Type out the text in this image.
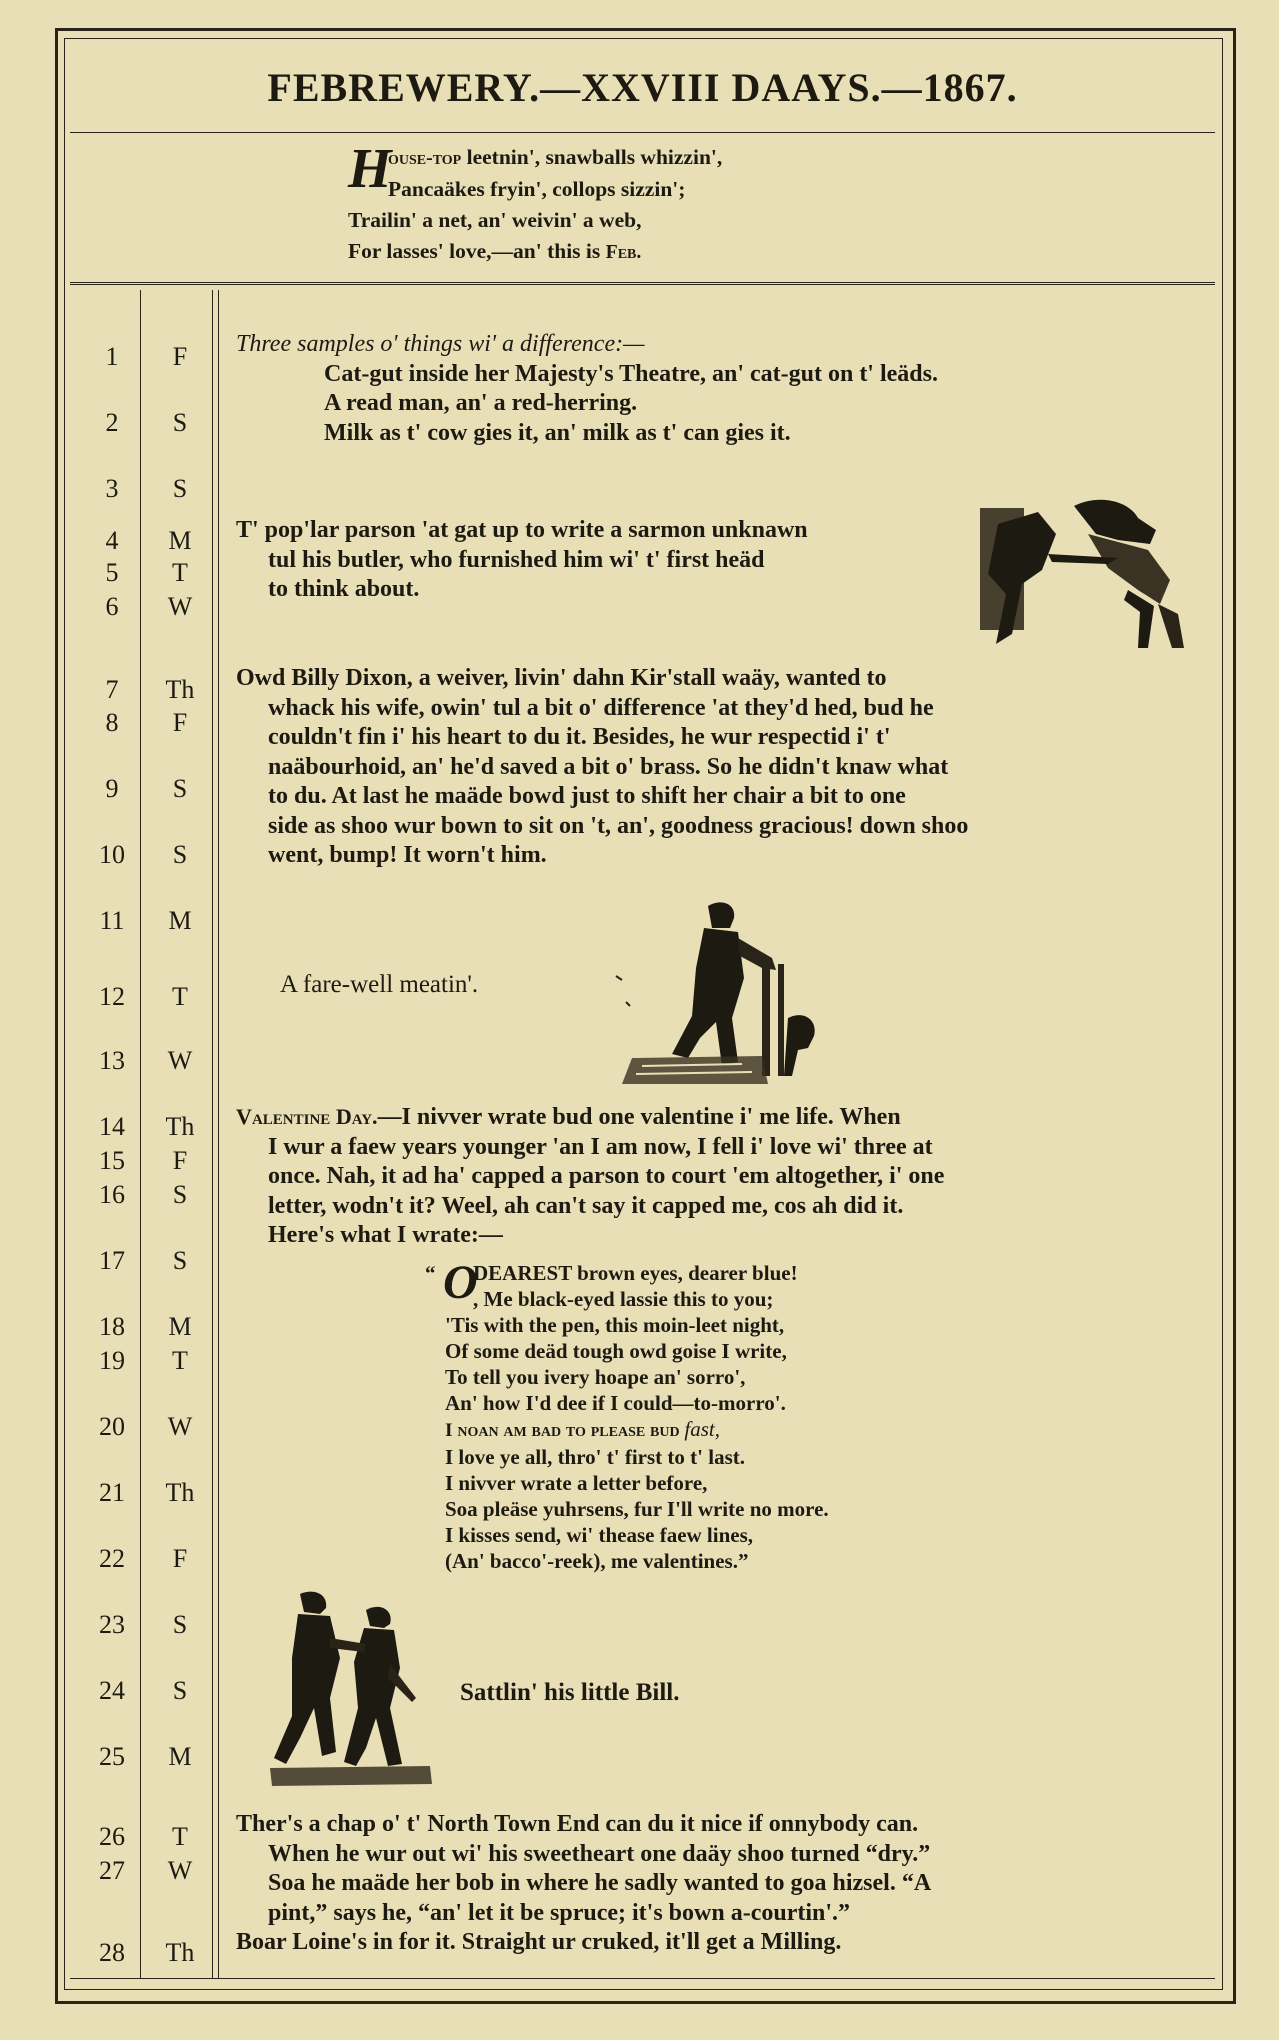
FEBREWERY.—XXVIII DAAYS.—1867.
H
ouse-top leetnin', snawballs whizzin',
Pancaäkes fryin', collops sizzin';
Trailin' a net, an' weivin' a web,
For lasses' love,—an' this is Feb.
1	F
2	S
3	S
4	M
5	T
6	W
7	Th
8	F
9	S
10	S
11	M
12	T
13	W
14	Th
15	F
16	S
17	S
18	M
19	T
20	W
21	Th
22	F
23	S
24	S
25	M
26	T
27	W
28	Th
Three samples o' things wi' a difference:—
Cat-gut inside her Majesty's Theatre, an' cat-gut on t' leäds.
A read man, an' a red-herring.
Milk as t' cow gies it, an' milk as t' can gies it.
T' pop'lar parson 'at gat up to write a sarmon unknawn
tul his butler, who furnished him wi' t' first heäd
to think about.
Owd Billy Dixon, a weiver, livin' dahn Kir'stall waäy, wanted to
whack his wife, owin' tul a bit o' difference 'at they'd hed, bud he
couldn't fin i' his heart to du it. Besides, he wur respectid i' t'
naäbourhoid, an' he'd saved a bit o' brass. So he didn't knaw what
to du. At last he maäde bowd just to shift her chair a bit to one
side as shoo wur bown to sit on 't, an', goodness gracious! down shoo
went, bump! It worn't him.
A fare-well meatin'.
Valentine Day.—I nivver wrate bud one valentine i' me life. When
I wur a faew years younger 'an I am now, I fell i' love wi' three at
once. Nah, it ad ha' capped a parson to court 'em altogether, i' one
letter, wodn't it? Weel, ah can't say it capped me, cos ah did it.
Here's what I wrate:—
“ O
DEAREST brown eyes, dearer blue!
, Me black-eyed lassie this to you;
'Tis with the pen, this moin-leet night,
Of some deäd tough owd goise I write,
To tell you ivery hoape an' sorro',
An' how I'd dee if I could—to-morro'.
I noan am bad to please bud fast,
I love ye all, thro' t' first to t' last.
I nivver wrate a letter before,
Soa pleäse yuhrsens, fur I'll write no more.
I kisses send, wi' thease faew lines,
(An' bacco'-reek), me valentines.”
Sattlin' his little Bill.
Ther's a chap o' t' North Town End can du it nice if onnybody can.
When he wur out wi' his sweetheart one daäy shoo turned “dry.”
Soa he maäde her bob in where he sadly wanted to goa hizsel. “A
pint,” says he, “an' let it be spruce; it's bown a-courtin'.”
Boar Loine's in for it. Straight ur cruked, it'll get a Milling.
